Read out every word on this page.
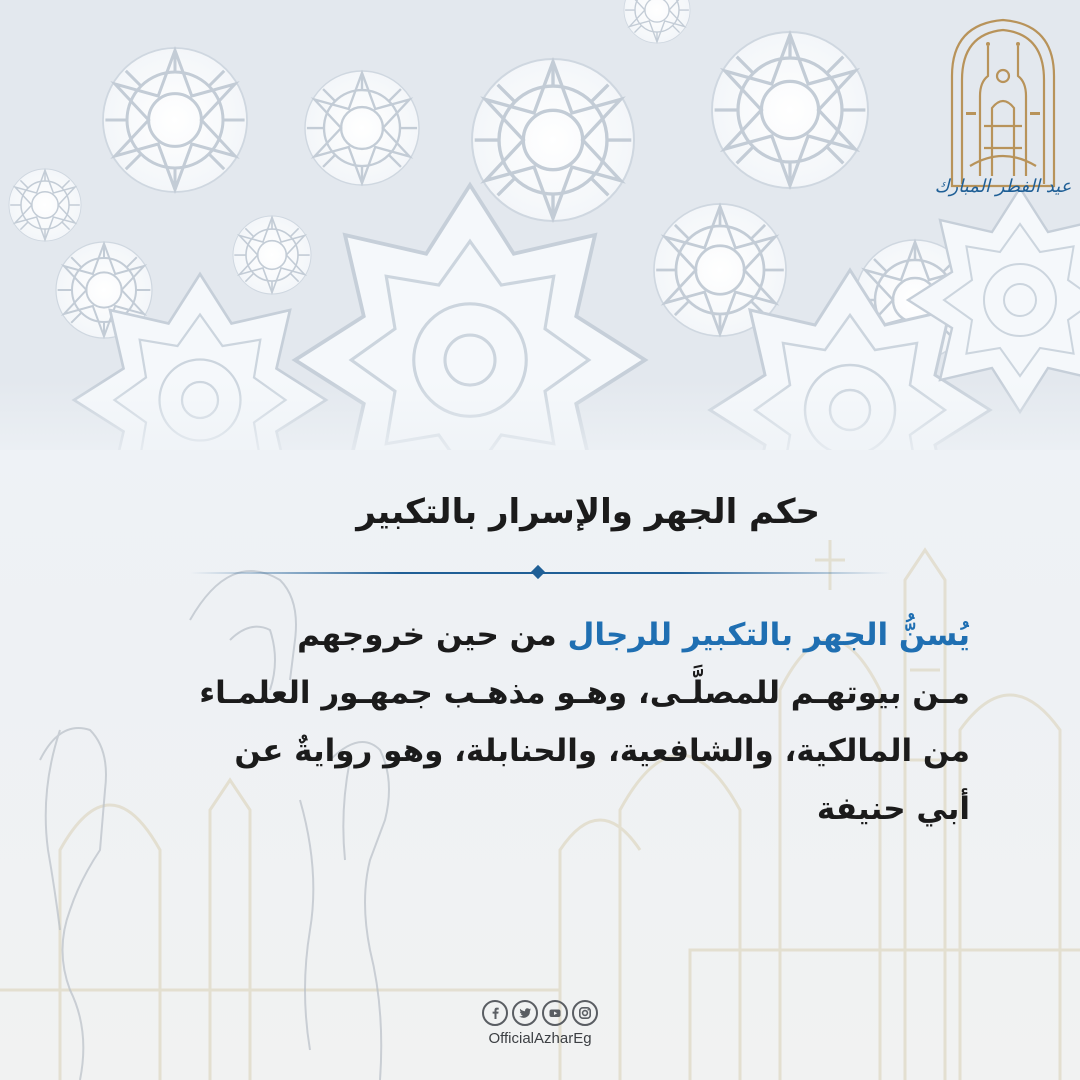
عيد الفطر المبارك
حكم الجهر والإسرار بالتكبير
يُسنُّ الجهر بالتكبير للرجال من حين خروجهم
مـن بيوتهـم للمصلَّـى، وهـو مذهـب جمهـور العلمـاء
من المالكية، والشافعية، والحنابلة، وهو روايةٌ عن
أبي حنيفة
OfficialAzharEg
